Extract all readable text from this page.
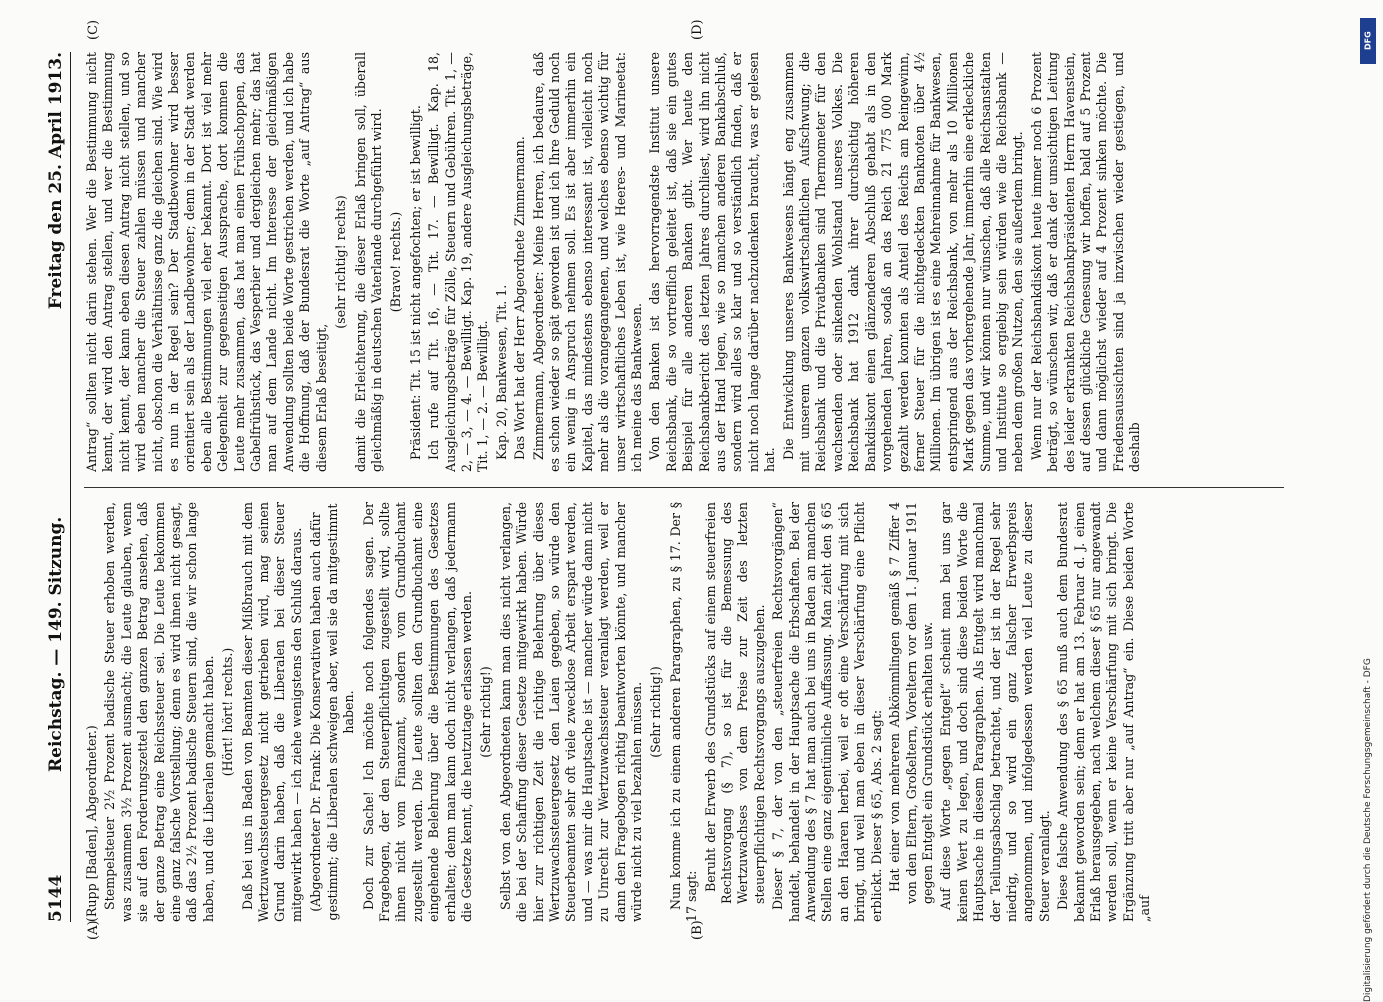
5144
Reichstag. — 149. Sitzung.
Freitag den 25. April 1913.
(A)	(B)
(C)	(D)

(Rupp [Baden], Abgeordneter.) Stempelsteuer 2½ Prozent badische Steuer erhoben werden, was zusammen 3½ Prozent ausmacht; die Leute glauben, wenn sie auf den Forderungszettel den ganzen Betrag ansehen, daß der ganze Betrag eine Reichssteuer sei. Die Leute bekommen eine ganz falsche Vorstellung; denn es wird ihnen nicht gesagt, daß das 2½ Prozent badische Steuern sind, die wir schon lange haben, und die Liberalen gemacht haben. (Hört! hört! rechts.) Daß bei uns in Baden von Beamten dieser Mißbrauch mit dem Wertzuwachssteuergesetz nicht getrieben wird, mag seinen Grund darin haben, daß die Liberalen bei dieser Steuer mitgewirkt haben — ich ziehe wenigstens den Schluß daraus. (Abgeordneter Dr. Frank: Die Konservativen haben auch dafür gestimmt; die Liberalen schweigen aber, weil sie da mitgestimmt haben. Doch zur Sache! Ich möchte noch folgendes sagen. Der Fragebogen, der den Steuerpflichtigen zugestellt wird, sollte ihnen nicht vom Finanzamt, sondern vom Grundbuchamt zugestellt werden. Die Leute sollten den Grundbuchamt eine eingehende Belehrung über die Bestimmungen des Gesetzes erhalten; denn man kann doch nicht verlangen, daß jedermann die Gesetze kennt, die heutzutage erlassen werden. (Sehr richtig!) Selbst von den Abgeordneten kann man dies nicht verlangen, die bei der Schaffung dieser Gesetze mitgewirkt haben. Würde hier zur richtigen Zeit die richtige Belehrung über dieses Wertzuwachssteuergesetz den Laien gegeben, so würde den Steuerbeamten sehr oft viele zwecklose Arbeit erspart werden, und — was mir die Hauptsache ist — mancher würde dann nicht zu Unrecht zur Wertzuwachssteuer veranlagt werden, weil er dann den Fragebogen richtig beantworten könnte, und mancher würde nicht zu viel bezahlen müssen. (Sehr richtig!) Nun komme ich zu einem anderen Paragraphen, zu § 17. Der § 17 sagt:

Beruht der Erwerb des Grundstücks auf einem steuerfreien Rechtsvorgang (§ 7), so ist für die Bemessung des Wertzuwachses von dem Preise zur Zeit des letzten steuerpflichtigen Rechtsvorgangs auszugehen. Dieser § 7, der von den „steuerfreien Rechtsvorgängen“ handelt, behandelt in der Hauptsache die Erbschaften. Bei der Anwendung des § 7 hat man auch bei uns in Baden an manchen Stellen eine ganz eigentümliche Auffassung. Man zieht den § 65 an den Haaren herbei, weil er oft eine Verschärfung mit sich bringt, und weil man eben in dieser Verschärfung eine Pflicht erblickt. Dieser § 65, Abs. 2 sagt: Hat einer von mehreren Abkömmlingen gemäß § 7 Ziffer 4 von den Eltern, Großeltern, Voreltern vor dem 1. Januar 1911 gegen Entgelt ein Grundstück erhalten usw. Auf diese Worte „gegen Entgelt“ scheint man bei uns gar keinen Wert zu legen, und doch sind diese beiden Worte die Hauptsache in diesem Paragraphen. Als Entgelt wird manchmal der Teilungsabschlag betrachtet, und der ist in der Regel sehr niedrig, und so wird ein ganz falscher Erwerbspreis angenommen, und infolgedessen werden viel Leute zu dieser Steuer veranlagt. Diese falsche Anwendung des § 65 muß auch dem Bundesrat bekannt geworden sein; denn er hat am 13. Februar d. J. einen Erlaß herausgegeben, nach welchem dieser § 65 nur angewandt werden soll, wenn er keine Verschärfung mit sich bringt. Die Ergänzung tritt aber nur „auf Antrag“ ein. Diese beiden Worte „auf

Antrag“ sollten nicht darin stehen. Wer die Bestimmung nicht kennt, der wird den Antrag stellen, und wer die Bestimmung nicht kennt, der kann eben diesen Antrag nicht stellen, und so wird eben mancher die Steuer zahlen müssen und mancher nicht, obschon die Verhältnisse ganz die gleichen sind. Wie wird es nun in der Regel sein? Der Stadtbewohner wird besser orientiert sein als der Landbewohner; denn in der Stadt werden eben alle Bestimmungen viel eher bekannt. Dort ist viel mehr Gelegenheit zur gegenseitigen Aussprache, dort kommen die Leute mehr zusammen, das hat man einen Frühschoppen, das Gabelfrühstück, das Vesperbier und dergleichen mehr; das hat man auf dem Lande nicht. Im Interesse der gleichmäßigen Anwendung sollten beide Worte gestrichen werden, und ich habe die Hoffnung, daß der Bundesrat die Worte „auf Antrag“ aus diesem Erlaß beseitigt,

(sehr richtig! rechts) damit die Erleichterung, die dieser Erlaß bringen soll, überall gleichmäßig in deutschen Vaterlande durchgeführt wird. (Bravo! rechts.) Präsident: Tit. 15 ist nicht angefochten; er ist bewilligt. Ich rufe auf Tit. 16, — Tit. 17. — Bewilligt. Kap. 18, Ausgleichungsbeträge für Zölle, Steuern und Gebühren. Tit. 1, — 2, — 3, — 4. — Bewilligt. Kap. 19, andere Ausgleichungsbeträge, Tit. 1, — 2. — Bewilligt. Kap. 20, Bankwesen, Tit. 1. Das Wort hat der Herr Abgeordnete Zimmermann. Zimmermann, Abgeordneter: Meine Herren, ich bedaure, daß es schon wieder so spät geworden ist und ich Ihre Geduld noch ein wenig in Anspruch nehmen soll. Es ist aber immerhin ein Kapitel, das mindestens ebenso interessant ist, vielleicht noch mehr als die vorangegangenen, und welches ebenso wichtig für unser wirtschaftliches Leben ist, wie Heeres- und Marineetat: ich meine das Bankwesen. Von den Banken ist das hervorragendste Institut unsere Reichsbank, die so vortrefflich geleitet ist, daß sie ein gutes Beispiel für alle anderen Banken gibt. Wer heute den Reichsbankbericht des letzten Jahres durchliest, wird ihn nicht aus der Hand legen, wie so manchen anderen Bankabschluß, sondern wird alles so klar und so verständlich finden, daß er nicht noch lange darüber nachzudenken braucht, was er gelesen hat. Die Entwicklung unseres Bankwesens hängt eng zusammen mit unserem ganzen volkswirtschaftlichen Aufschwung; die Reichsbank und die Privatbanken sind Thermometer für den wachsenden oder sinkenden Wohlstand unseres Volkes. Die Reichsbank hat 1912 dank ihrer durchsichtig höheren Bankdiskont einen glänzenderen Abschluß gehabt als in den vorgehenden Jahren, sodaß an das Reich 21 775 000 Mark gezahlt werden konnten als Anteil des Reichs am Reingewinn, ferner Steuer für die nichtgedeckten Banknoten über 4½ Millionen. Im übrigen ist es eine Mehreinnahme für Bankwesen, entspringend aus der Reichsbank, von mehr als 10 Millionen Mark gegen das vorhergehende Jahr, immerhin eine erkleckliche Summe, und wir können nur wünschen, daß alle Reichsanstalten und Institute so ergiebig sein würden wie die Reichsbank — neben dem großen Nutzen, den sie außerdem bringt. Wenn nur der Reichsbankdiskont heute immer noch 6 Prozent beträgt, so wünschen wir, daß er dank der umsichtigen Leitung des leider erkrankten Reichsbankpräsidenten Herrn Havenstein, auf dessen glückliche Genesung wir hoffen, bald auf 5 Prozent und dann möglichst wieder auf 4 Prozent sinken möchte. Die Friedensaussichten sind ja inzwischen wieder gestiegen, und deshalb

DFG
Digitalisierung gefördert durch die Deutsche Forschungsgemeinschaft - DFG
